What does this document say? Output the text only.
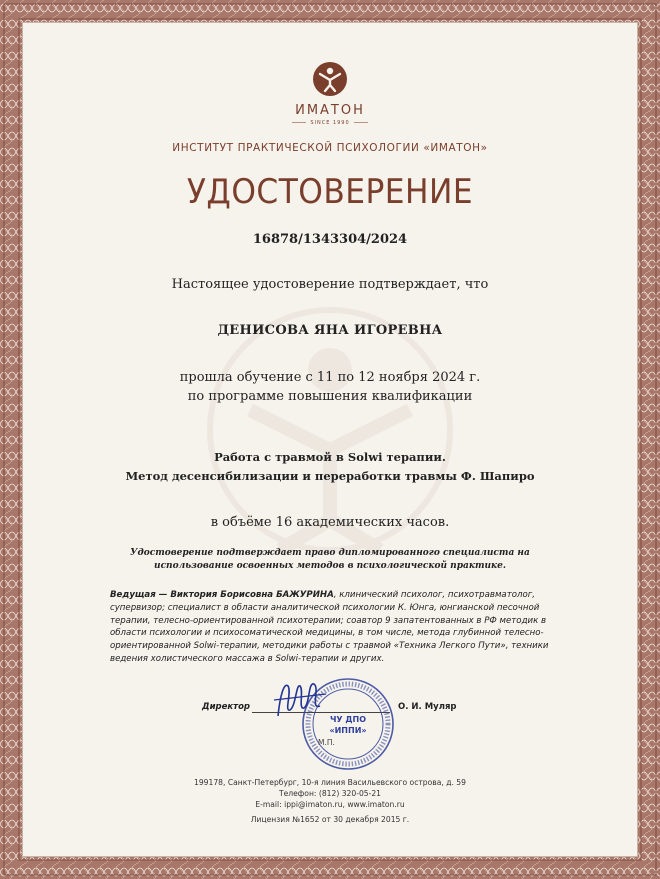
ИМАТОН
SINCE 1990
ИНСТИТУТ ПРАКТИЧЕСКОЙ ПСИХОЛОГИИ «ИМАТОН»
УДОСТОВЕРЕНИЕ
16878/1343304/2024
Настоящее удостоверение подтверждает, что
ДЕНИСОВА ЯНА ИГОРЕВНА
прошла обучение с 11 по 12 ноября 2024 г.
по программе повышения квалификации
Работа с травмой в Solwi терапии.
Метод десенсибилизации и переработки травмы Ф. Шапиро
в объёме 16 академических часов.
Удостоверение подтверждает право дипломированного специалиста на
использование освоенных методов в психологической практике.
Ведущая — Виктория Борисовна БАЖУРИНА, клинический психолог, психотравматолог, супервизор; специалист в области аналитической психологии К. Юнга, юнгианской песочной терапии, телесно-ориентированной психотерапии; соавтор 9 запатентованных в РФ методик в области психологии и психосоматической медицины, в том числе, метода глубинной телесно-ориентированной Solwi-терапии, методики работы с травмой «Техника Легкого Пути», техники ведения холистического массажа в Solwi-терапии и других.
Директор	О. И. Муляр
ЧУ ДПО
«ИППИ»
М.П.
199178, Санкт-Петербург, 10-я линия Васильевского острова, д. 59
Телефон: (812) 320-05-21
E-mail: ippi@imaton.ru, www.imaton.ru
Лицензия №1652 от 30 декабря 2015 г.
